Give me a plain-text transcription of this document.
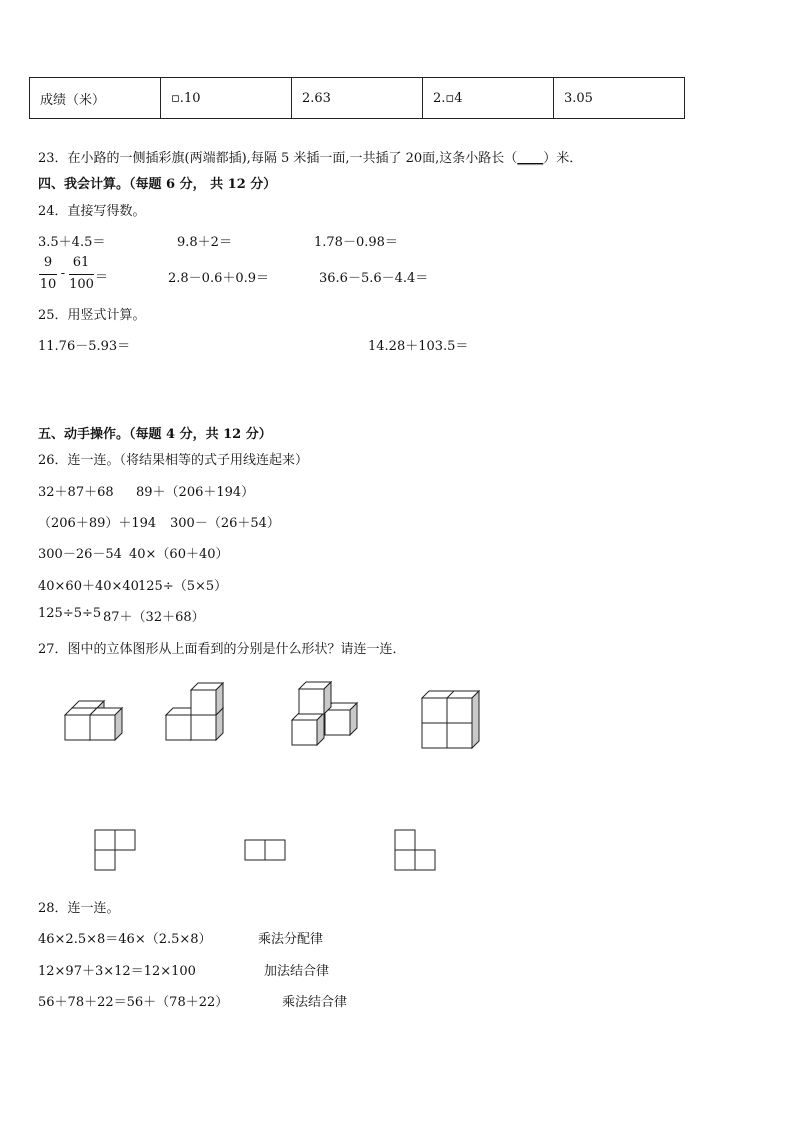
成绩（米）	▫.10	2.63	2.▫4	3.05
23．在小路的一侧插彩旗(两端都插),每隔 5 米插一面,一共插了 20面,这条小路长（____）米．
四、我会计算。（每题 6 分， 共 12 分）
24．直接写得数。
3.5＋4.5＝	9.8＋2＝	1.78－0.98＝
9
10
-
61
100 ＝	2.8－0.6＋0.9＝	36.6－5.6－4.4＝
25．用竖式计算。
11.76－5.93＝	14.28＋103.5＝
五、动手操作。（每题 4 分，共 12 分）
26．连一连。（将结果相等的式子用线连起来）
32＋87＋68 89＋（206＋194）
（206＋89）＋194 300－（26＋54）
300－26－54 40×（60＋40）
40×60＋40×40 125÷（5×5）
125÷5÷5 87＋（32＋68）
27．图中的立体图形从上面看到的分别是什么形状？请连一连．
28．连一连。
46×2.5×8＝46×（2.5×8）	乘法分配律
12×97＋3×12＝12×100	加法结合律
56＋78＋22＝56＋（78＋22）	乘法结合律
